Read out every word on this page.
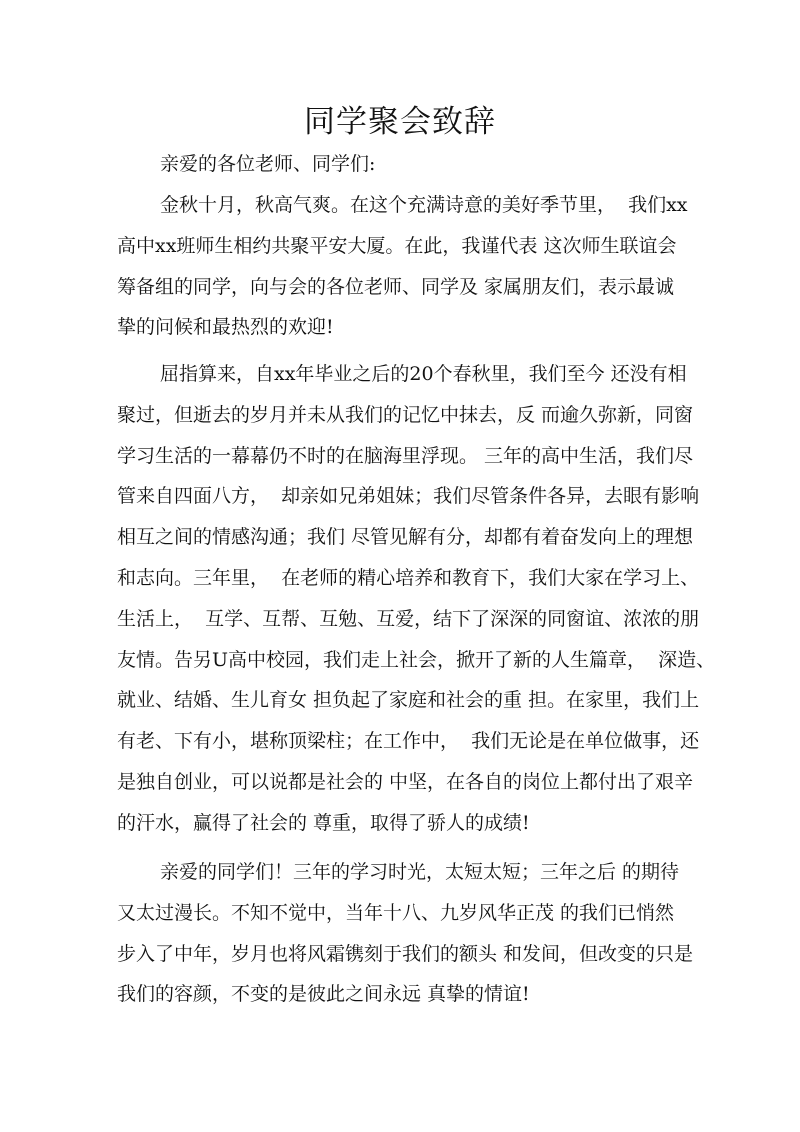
同学聚会致辞

亲爱的各位老师、同学们:

金秋十月，秋高气爽。在这个充满诗意的美好季节里，  我们xx
高中xx班师生相约共聚平安大厦。在此，我谨代表 这次师生联谊会
筹备组的同学，向与会的各位老师、同学及 家属朋友们，表示最诚
挚的问候和最热烈的欢迎!
屈指算来，自xx年毕业之后的20个春秋里，我们至今 还没有相
聚过，但逝去的岁月并未从我们的记忆中抹去，反 而逾久弥新，同窗
学习生活的一幕幕仍不时的在脑海里浮现。 三年的高中生活，我们尽
管来自四面八方，  却亲如兄弟姐妹；我们尽管条件各异，去眼有影响
相互之间的情感沟通；我们 尽管见解有分，却都有着奋发向上的理想
和志向。三年里，  在老师的精心培养和教育下，我们大家在学习上、
生活上，  互学、互帮、互勉、互爱，结下了深深的同窗谊、浓浓的朋
友情。告另U高中校园，我们走上社会，掀开了新的人生篇章，  深造、
就业、结婚、生儿育女 担负起了家庭和社会的重 担。在家里，我们上
有老、下有小，堪称顶梁柱；在工作中，  我们无论是在单位做事，还
是独自创业，可以说都是社会的 中坚，在各自的岗位上都付出了艰辛
的汗水，赢得了社会的 尊重，取得了骄人的成绩!
亲爱的同学们！三年的学习时光，太短太短；三年之后 的期待
又太过漫长。不知不觉中，当年十八、九岁风华正茂 的我们已悄然
步入了中年，岁月也将风霜镌刻于我们的额头 和发间，但改变的只是
我们的容颜，不变的是彼此之间永远 真挚的情谊!
